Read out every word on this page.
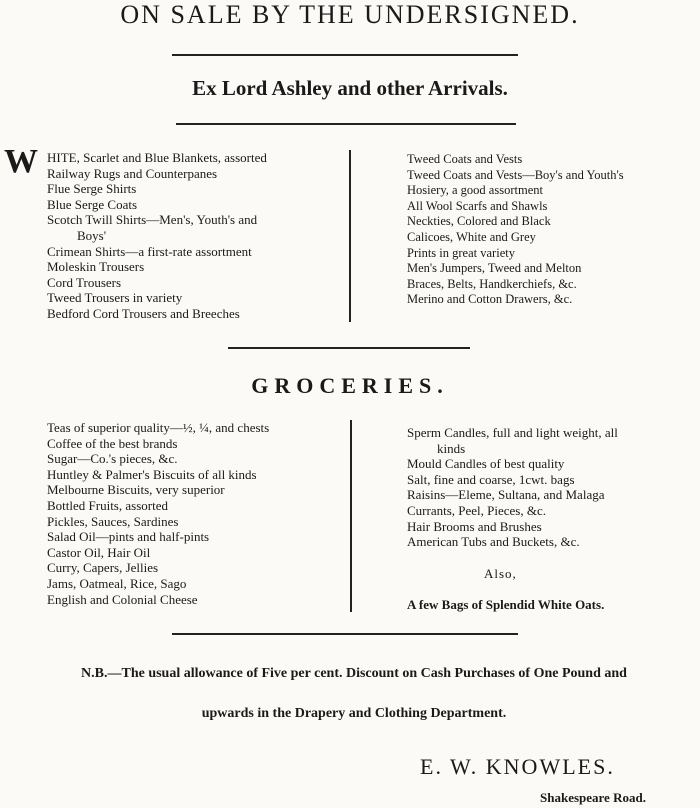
ON SALE BY THE UNDERSIGNED.
Ex Lord Ashley and other Arrivals.
W HITE, Scarlet and Blue Blankets, assorted
Railway Rugs and Counterpanes
Flue Serge Shirts
Blue Serge Coats
Scotch Twill Shirts—Men's, Youth's and
Boys'
Crimean Shirts—a first-rate assortment
Moleskin Trousers
Cord Trousers
Tweed Trousers in variety
Bedford Cord Trousers and Breeches
Tweed Coats and Vests
Tweed Coats and Vests—Boy's and Youth's
Hosiery, a good assortment
All Wool Scarfs and Shawls
Neckties, Colored and Black
Calicoes, White and Grey
Prints in great variety
Men's Jumpers, Tweed and Melton
Braces, Belts, Handkerchiefs, &c.
Merino and Cotton Drawers, &c.
GROCERIES.
Teas of superior quality—½, ¼, and chests
Coffee of the best brands
Sugar—Co.'s pieces, &c.
Huntley & Palmer's Biscuits of all kinds
Melbourne Biscuits, very superior
Bottled Fruits, assorted
Pickles, Sauces, Sardines
Salad Oil—pints and half-pints
Castor Oil, Hair Oil
Curry, Capers, Jellies
Jams, Oatmeal, Rice, Sago
English and Colonial Cheese
Sperm Candles, full and light weight, all
kinds
Mould Candles of best quality
Salt, fine and coarse, 1cwt. bags
Raisins—Eleme, Sultana, and Malaga
Currants, Peel, Pieces, &c.
Hair Brooms and Brushes
American Tubs and Buckets, &c.
Also,
A few Bags of Splendid White Oats.
N.B.—The usual allowance of Five per cent. Discount on Cash Purchases of One Pound and
upwards in the Drapery and Clothing Department.
E. W. KNOWLES.
Shakespeare Road.
